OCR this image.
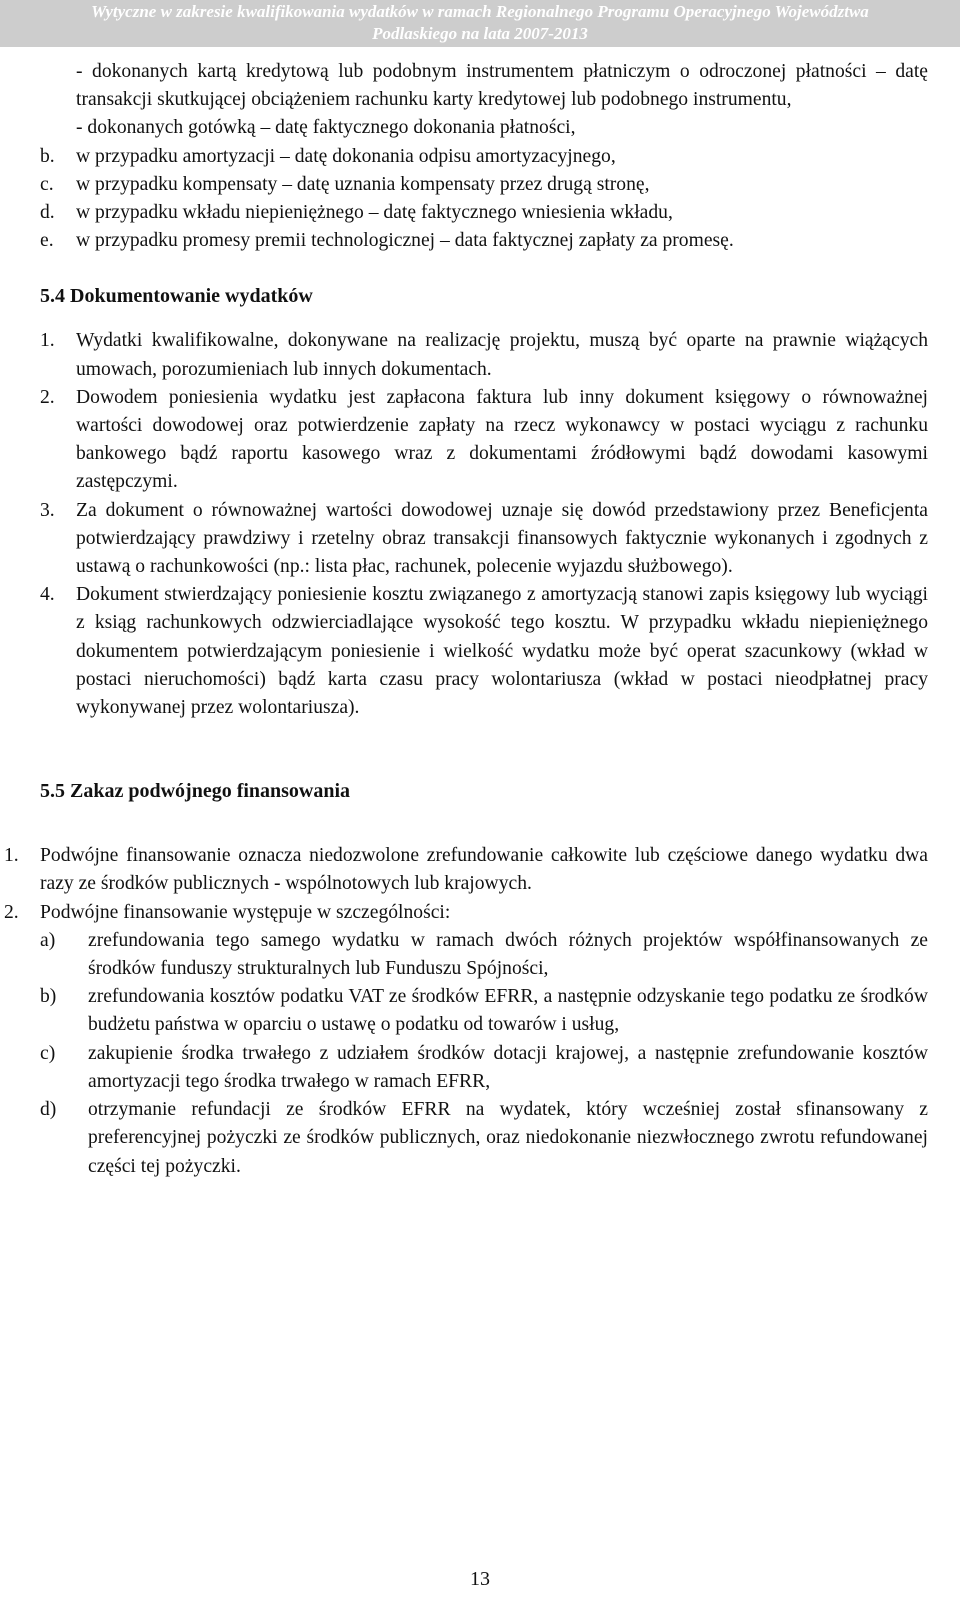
Wytyczne w zakresie kwalifikowania wydatków w ramach Regionalnego Programu Operacyjnego Województwa
Podlaskiego na lata 2007-2013

- dokonanych kartą kredytową lub podobnym instrumentem płatniczym o odroczonej płatności – datę transakcji skutkującej obciążeniem rachunku karty kredytowej lub podobnego instrumentu,

- dokonanych gotówką – datę faktycznego dokonania płatności,

b. w przypadku amortyzacji – datę dokonania odpisu amortyzacyjnego,

c. w przypadku kompensaty – datę uznania kompensaty przez drugą stronę,

d. w przypadku wkładu niepieniężnego – datę faktycznego wniesienia wkładu,

e. w przypadku promesy premii technologicznej – data faktycznej zapłaty za promesę.

5.4 Dokumentowanie wydatków
1. Wydatki kwalifikowalne, dokonywane na realizację projektu, muszą być oparte na prawnie wiążących umowach, porozumieniach lub innych dokumentach.

2. Dowodem poniesienia wydatku jest zapłacona faktura lub inny dokument księgowy o równoważnej wartości dowodowej oraz potwierdzenie zapłaty na rzecz wykonawcy w postaci wyciągu z rachunku bankowego bądź raportu kasowego wraz z dokumentami źródłowymi bądź dowodami kasowymi zastępczymi.

3. Za dokument o równoważnej wartości dowodowej uznaje się dowód przedstawiony przez Beneficjenta potwierdzający prawdziwy i rzetelny obraz transakcji finansowych faktycznie wykonanych i zgodnych z ustawą o rachunkowości (np.: lista płac, rachunek, polecenie wyjazdu służbowego).

4. Dokument stwierdzający poniesienie kosztu związanego z amortyzacją stanowi zapis księgowy lub wyciągi z ksiąg rachunkowych odzwierciadlające wysokość tego kosztu. W przypadku wkładu niepieniężnego dokumentem potwierdzającym poniesienie i wielkość wydatku może być operat szacunkowy (wkład w postaci nieruchomości) bądź karta czasu pracy wolontariusza (wkład w postaci nieodpłatnej pracy wykonywanej przez wolontariusza).

5.5 Zakaz podwójnego finansowania
1. Podwójne finansowanie oznacza niedozwolone zrefundowanie całkowite lub częściowe danego wydatku dwa razy ze środków publicznych - wspólnotowych lub krajowych.

2. Podwójne finansowanie występuje w szczególności:

a) zrefundowania tego samego wydatku w ramach dwóch różnych projektów współfinansowanych ze środków funduszy strukturalnych lub Funduszu Spójności,

b) zrefundowania kosztów podatku VAT ze środków EFRR, a następnie odzyskanie tego podatku ze środków budżetu państwa w oparciu o ustawę o podatku od towarów i usług,

c) zakupienie środka trwałego z udziałem środków dotacji krajowej, a następnie zrefundowanie kosztów amortyzacji tego środka trwałego w ramach EFRR,

d) otrzymanie refundacji ze środków EFRR na wydatek, który wcześniej został sfinansowany z preferencyjnej pożyczki ze środków publicznych, oraz niedokonanie niezwłocznego zwrotu refundowanej części tej pożyczki.

13
